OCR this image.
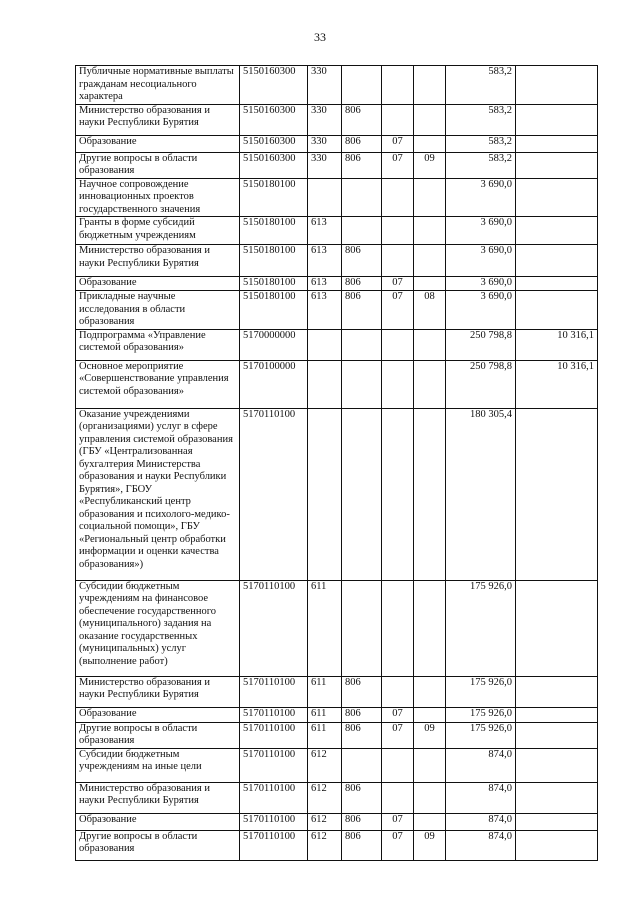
33
Публичные нормативные выплаты гражданам несоциального характера	5150160300	330				583,2	
Министерство образования и науки Республики Бурятия	5150160300	330	806			583,2	
Образование	5150160300	330	806	07		583,2	
Другие вопросы в области образования	5150160300	330	806	07	09	583,2	
Научное сопровождение инновационных проектов государственного значения	5150180100					3 690,0	
Гранты в форме субсидий бюджетным учреждениям	5150180100	613				3 690,0	
Министерство образования и науки Республики Бурятия	5150180100	613	806			3 690,0	
Образование	5150180100	613	806	07		3 690,0	
Прикладные научные исследования в области образования	5150180100	613	806	07	08	3 690,0	
Подпрограмма «Управление системой образования»	5170000000					250 798,8	10 316,1
Основное мероприятие «Совершенствование управления системой образования»	5170100000					250 798,8	10 316,1
Оказание учреждениями (организациями) услуг в сфере управления системой образования (ГБУ «Централизованная бухгалтерия Министерства образования и науки Республики Бурятия», ГБОУ «Республиканский центр образования и психолого-медико-социальной помощи», ГБУ «Региональный центр обработки информации и оценки качества образования»)	5170110100					180 305,4	
Субсидии бюджетным учреждениям на финансовое обеспечение государственного (муниципального) задания на оказание государственных (муниципальных) услуг (выполнение работ)	5170110100	611				175 926,0	
Министерство образования и науки Республики Бурятия	5170110100	611	806			175 926,0	
Образование	5170110100	611	806	07		175 926,0	
Другие вопросы в области образования	5170110100	611	806	07	09	175 926,0	
Субсидии бюджетным учреждениям на иные цели	5170110100	612				874,0	
Министерство образования и науки Республики Бурятия	5170110100	612	806			874,0	
Образование	5170110100	612	806	07		874,0	
Другие вопросы в области образования	5170110100	612	806	07	09	874,0	
